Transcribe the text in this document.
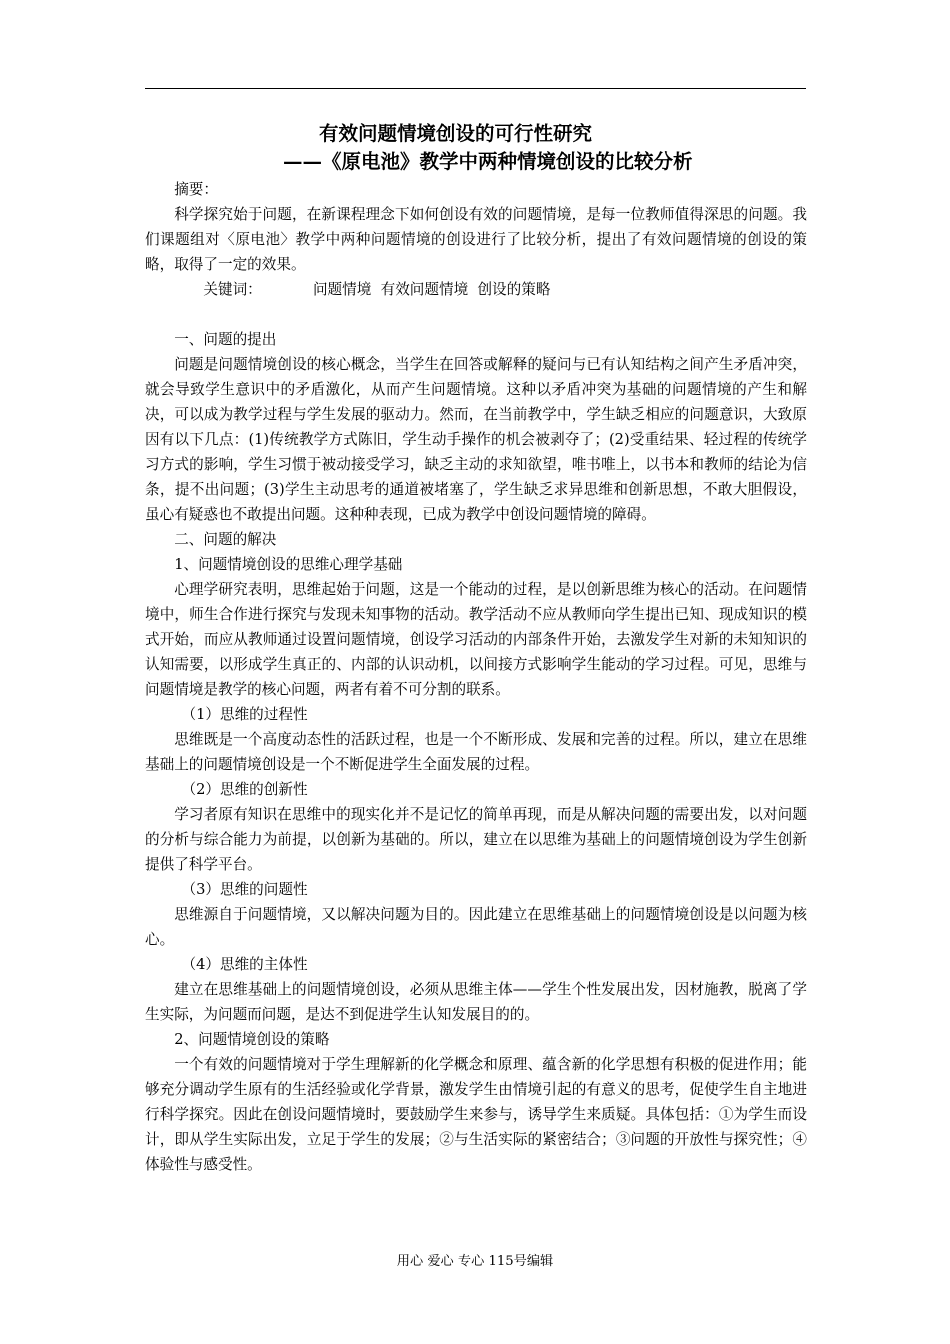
有效问题情境创设的可行性研究
——《原电池》教学中两种情境创设的比较分析

摘要：

科学探究始于问题，在新课程理念下如何创设有效的问题情境，是每一位教师值得深思的问题。我们课题组对〈原电池〉教学中两种问题情境的创设进行了比较分析，提出了有效问题情境的创设的策略，取得了一定的效果。

关键词：	问题情境  有效问题情境  创设的策略

一、问题的提出

问题是问题情境创设的核心概念，当学生在回答或解释的疑问与已有认知结构之间产生矛盾冲突，就会导致学生意识中的矛盾激化，从而产生问题情境。这种以矛盾冲突为基础的问题情境的产生和解决，可以成为教学过程与学生发展的驱动力。然而，在当前教学中，学生缺乏相应的问题意识，大致原因有以下几点：(1)传统教学方式陈旧，学生动手操作的机会被剥夺了；(2)受重结果、轻过程的传统学习方式的影响，学生习惯于被动接受学习，缺乏主动的求知欲望，唯书唯上，以书本和教师的结论为信条，提不出问题；(3)学生主动思考的通道被堵塞了，学生缺乏求异思维和创新思想，不敢大胆假设，虽心有疑惑也不敢提出问题。这种种表现，已成为教学中创设问题情境的障碍。

二、问题的解决

1、问题情境创设的思维心理学基础

心理学研究表明，思维起始于问题，这是一个能动的过程，是以创新思维为核心的活动。在问题情境中，师生合作进行探究与发现未知事物的活动。教学活动不应从教师向学生提出已知、现成知识的模式开始，而应从教师通过设置问题情境，创设学习活动的内部条件开始，去激发学生对新的未知知识的认知需要，以形成学生真正的、内部的认识动机，以间接方式影响学生能动的学习过程。可见，思维与问题情境是教学的核心问题，两者有着不可分割的联系。

（1）思维的过程性

思维既是一个高度动态性的活跃过程，也是一个不断形成、发展和完善的过程。所以，建立在思维基础上的问题情境创设是一个不断促进学生全面发展的过程。

（2）思维的创新性

学习者原有知识在思维中的现实化并不是记忆的简单再现，而是从解决问题的需要出发，以对问题的分析与综合能力为前提，以创新为基础的。所以，建立在以思维为基础上的问题情境创设为学生创新提供了科学平台。

（3）思维的问题性

思维源自于问题情境，又以解决问题为目的。因此建立在思维基础上的问题情境创设是以问题为核心。

（4）思维的主体性

建立在思维基础上的问题情境创设，必须从思维主体——学生个性发展出发，因材施教，脱离了学生实际，为问题而问题，是达不到促进学生认知发展目的的。

2、问题情境创设的策略

一个有效的问题情境对于学生理解新的化学概念和原理、蕴含新的化学思想有积极的促进作用；能够充分调动学生原有的生活经验或化学背景，激发学生由情境引起的有意义的思考，促使学生自主地进行科学探究。因此在创设问题情境时，要鼓励学生来参与，诱导学生来质疑。具体包括：①为学生而设计，即从学生实际出发，立足于学生的发展；②与生活实际的紧密结合；③问题的开放性与探究性；④体验性与感受性。

用心 爱心 专心 115号编辑
